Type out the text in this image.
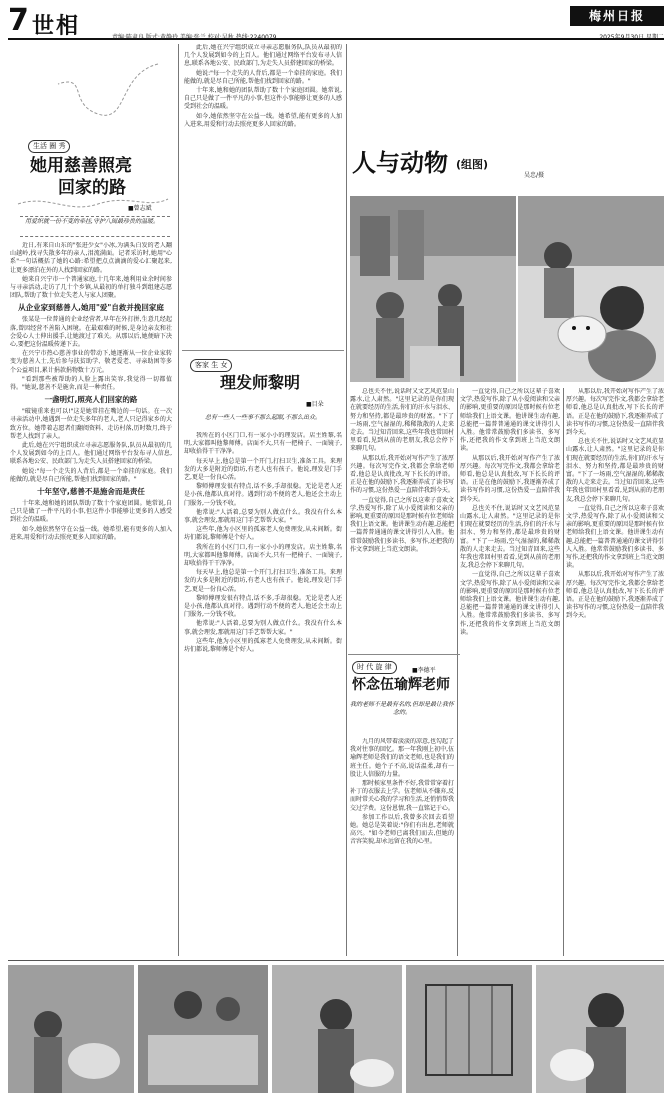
7 世相	责编:陈肃良 版式:黄静玲 美编:张兰 校对:吴秋 热线:2240079
梅州日报
2025年9月30日 星期二
生活 圈 秀
她用慈善照亮
回家的路
■曾志斌
用爱织就一份不变的牵挂,守护八闽最珍贵的温暖。

近日,有来自山东的"张进少女"小冰,为满头白发的老人翻山越岭,找寻失散多年的亲人,泪流满面。记者采访时,她用"心系"一句话概括了她的心路:希望把点点滴滴的爱心汇聚起来,让更多漂泊在外的人找到回家的路。

她来自兴宁市一个普通家庭,十几年来,她利用业余时间参与寻亲活动,走访了几十个乡镇,从最初的单打独斗到组建志愿团队,帮助了数十位走失老人与家人团聚。

从企业家到慈善人,她用"爱"自救并挽回家庭

张某是一位普通的企业经营者,早年在外打拼,生意几经起落,曾因经营不善陷入困境。在最艰难的时候,是身边亲友和社会爱心人士伸出援手,让她渡过了难关。从那以后,她便暗下决心,要把这份温暖传递下去。

在兴宁市热心慈善事业的带动下,她逐渐从一位企业家转变为慈善人士,先后参与扶贫助学、敬老爱老、寻亲助困等多个公益项目,累计捐款捐物数十万元。

"看到那些被帮助的人脸上露出笑容,我觉得一切都值得。"她说,慈善不是施舍,而是一种责任。

一盏明灯,照亮人们回家的路

"破镜重来也可以!"这是她常挂在嘴边的一句话。在一次寻亲活动中,她遇到一位走失多年的老人,老人只记得家乡的大致方位。她带着志愿者们翻阅资料、走访村落,历时数月,终于帮老人找到了亲人。

此后,她在兴宁组织成立寻亲志愿服务队,队员从最初的几个人发展到如今的上百人。他们通过网络平台发布寻人信息,联系各地公安、民政部门,为走失人员搭建回家的桥梁。

她说:"每一个走失的人背后,都是一个牵挂的家庭。我们能做的,就是尽自己所能,帮他们找到回家的路。"

十年坚守,慈善不是施舍而是责任

十年来,她和她的团队帮助了数十个家庭团圆。她常说,自己只是做了一件平凡的小事,但这件小事能够让更多的人感受到社会的温暖。

如今,她依然坚守在公益一线。她希望,能有更多的人加入进来,用爱和行动去照亮更多人回家的路。

此后,她在兴宁组织成立寻亲志愿服务队,队员从最初的几个人发展到如今的上百人。他们通过网络平台发布寻人信息,联系各地公安、民政部门,为走失人员搭建回家的桥梁。

她说:"每一个走失的人背后,都是一个牵挂的家庭。我们能做的,就是尽自己所能,帮他们找到回家的路。"

十年来,她和她的团队帮助了数十个家庭团圆。她常说,自己只是做了一件平凡的小事,但这件小事能够让更多的人感受到社会的温暖。

如今,她依然坚守在公益一线。她希望,能有更多的人加入进来,用爱和行动去照亮更多人回家的路。

客家 生 女
理发师黎明
■目朵
总有一些人一些事不那么起眼,不那么出众。

我所在的小区门口,有一家小小的理发店。店主姓黎,名明,大家都叫他黎师傅。店面不大,只有一把椅子、一面镜子,却收拾得干干净净。

每天早上,他总是第一个开门,打扫卫生,准备工具。来理发的大多是附近的街坊,有老人也有孩子。他说,理发是门手艺,更是一份良心活。

黎师傅理发很有特点,话不多,手却很稳。无论是老人还是小孩,他都认真对待。遇到行动不便的老人,他还会主动上门服务,一分钱不收。

他常说:"人活着,总要为别人做点什么。我没有什么本事,就会理发,那就用这门手艺帮帮大家。"

这些年,他为小区里的孤寡老人免费理发,从未间断。街坊们都说,黎师傅是个好人。

我所在的小区门口,有一家小小的理发店。店主姓黎,名明,大家都叫他黎师傅。店面不大,只有一把椅子、一面镜子,却收拾得干干净净。

每天早上,他总是第一个开门,打扫卫生,准备工具。来理发的大多是附近的街坊,有老人也有孩子。他说,理发是门手艺,更是一份良心活。

黎师傅理发很有特点,话不多,手却很稳。无论是老人还是小孩,他都认真对待。遇到行动不便的老人,他还会主动上门服务,一分钱不收。

他常说:"人活着,总要为别人做点什么。我没有什么本事,就会理发,那就用这门手艺帮帮大家。"

这些年,他为小区里的孤寡老人免费理发,从未间断。街坊们都说,黎师傅是个好人。

人与动物 (组图)
吴忠/摄

总也关不住,说话时又文艺风范显山露水,让人肃然。"这里记录的是你们现在就要经历的生活,你们的汗水与泪水、努力和坚持,都是最珍贵的财富。"下了一场雨,空气湿湿的,稀稀散散的人走来走去。当过知青回来,这些年我也常回村里看看,见到从前的老朋友,我总会停下来聊几句。

从那以后,我开始对写作产生了浓厚兴趣。每次写完作文,我都会拿给老师看,他总是认真批改,写下长长的评语。正是在他的鼓励下,我逐渐养成了读书写作的习惯,这份热爱一直陪伴我到今天。

一直觉得,自己之所以这辈子喜欢文学,热爱写作,除了从小爱阅读和父亲的影响,更重要的原因是那时候有位老师给我们上语文课。他讲课生动有趣,总能把一篇普普通通的课文讲得引人入胜。他常常鼓励我们多读书、多写作,还把我的作文拿到班上当范文朗读。

一直觉得,自己之所以这辈子喜欢文学,热爱写作,除了从小爱阅读和父亲的影响,更重要的原因是那时候有位老师给我们上语文课。他讲课生动有趣,总能把一篇普普通通的课文讲得引人入胜。他常常鼓励我们多读书、多写作,还把我的作文拿到班上当范文朗读。

从那以后,我开始对写作产生了浓厚兴趣。每次写完作文,我都会拿给老师看,他总是认真批改,写下长长的评语。正是在他的鼓励下,我逐渐养成了读书写作的习惯,这份热爱一直陪伴我到今天。

总也关不住,说话时又文艺风范显山露水,让人肃然。"这里记录的是你们现在就要经历的生活,你们的汗水与泪水、努力和坚持,都是最珍贵的财富。"下了一场雨,空气湿湿的,稀稀散散的人走来走去。当过知青回来,这些年我也常回村里看看,见到从前的老朋友,我总会停下来聊几句。

一直觉得,自己之所以这辈子喜欢文学,热爱写作,除了从小爱阅读和父亲的影响,更重要的原因是那时候有位老师给我们上语文课。他讲课生动有趣,总能把一篇普普通通的课文讲得引人入胜。他常常鼓励我们多读书、多写作,还把我的作文拿到班上当范文朗读。

从那以后,我开始对写作产生了浓厚兴趣。每次写完作文,我都会拿给老师看,他总是认真批改,写下长长的评语。正是在他的鼓励下,我逐渐养成了读书写作的习惯,这份热爱一直陪伴我到今天。

总也关不住,说话时又文艺风范显山露水,让人肃然。"这里记录的是你们现在就要经历的生活,你们的汗水与泪水、努力和坚持,都是最珍贵的财富。"下了一场雨,空气湿湿的,稀稀散散的人走来走去。当过知青回来,这些年我也常回村里看看,见到从前的老朋友,我总会停下来聊几句。

一直觉得,自己之所以这辈子喜欢文学,热爱写作,除了从小爱阅读和父亲的影响,更重要的原因是那时候有位老师给我们上语文课。他讲课生动有趣,总能把一篇普普通通的课文讲得引人入胜。他常常鼓励我们多读书、多写作,还把我的作文拿到班上当范文朗读。

从那以后,我开始对写作产生了浓厚兴趣。每次写完作文,我都会拿给老师看,他总是认真批改,写下长长的评语。正是在他的鼓励下,我逐渐养成了读书写作的习惯,这份热爱一直陪伴我到今天。

时 代 旋 律	■李德平
怀念伍瑜辉老师
我的老师不是最有名的,但却是最让我怀念的。

九月的风带着淡淡的凉意,也勾起了我对往事的回忆。那一年我刚上初中,伍瑜辉老师是我们的语文老师,也是我们的班主任。她个子不高,说话温柔,却有一股让人信服的力量。

那时候家里条件不好,我常常穿着打补丁的衣服去上学。伍老师从不嫌弃,反而时常关心我的学习和生活,还悄悄帮我交过学费。这份恩情,我一直铭记于心。

参加工作以后,我曾多次回去看望她。她总是笑着说:"你们有出息,老师就高兴。"如今老师已离我们而去,但她的音容笑貌,却永远留在我的心里。
